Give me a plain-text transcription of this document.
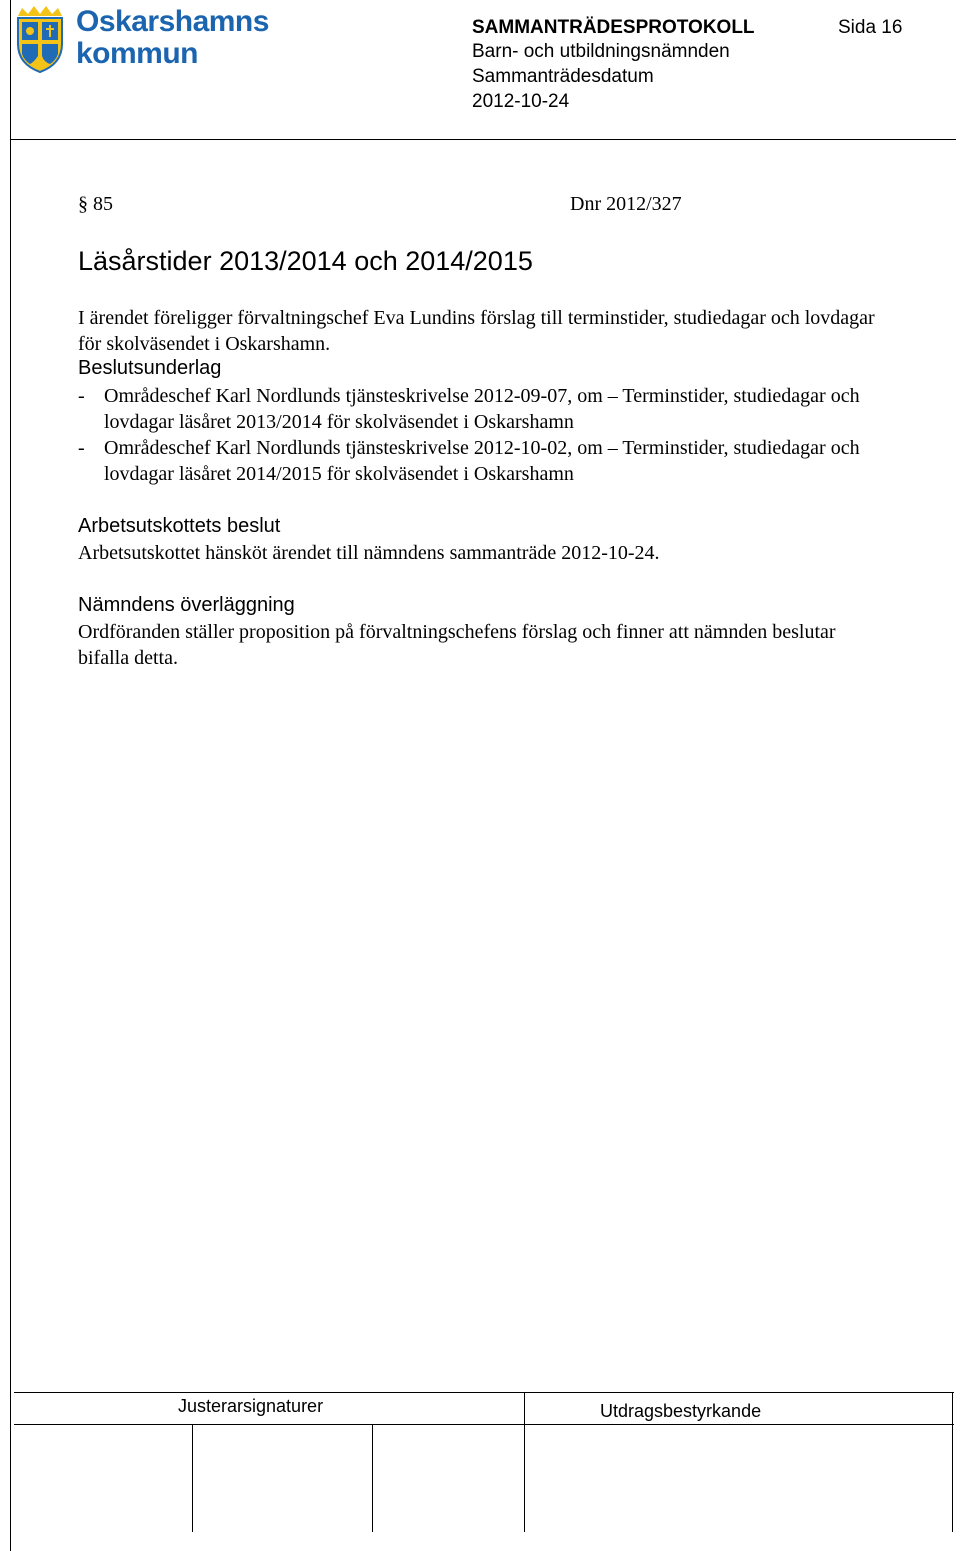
Oskarshamns
kommun
SAMMANTRÄDESPROTOKOLL	Sida 16
Barn- och utbildningsnämnden
Sammanträdesdatum
2012-10-24
§ 85	Dnr 2012/327
Läsårstider 2013/2014 och 2014/2015
I ärendet föreligger förvaltningschef Eva Lundins förslag till terminstider, studiedagar och lovdagar för skolväsendet i Oskarshamn.
Beslutsunderlag
- Områdeschef Karl Nordlunds tjänsteskrivelse 2012-09-07, om – Terminstider, studiedagar och lovdagar läsåret 2013/2014 för skolväsendet i Oskarshamn
- Områdeschef Karl Nordlunds tjänsteskrivelse 2012-10-02, om – Terminstider, studiedagar och lovdagar läsåret 2014/2015 för skolväsendet i Oskarshamn
Arbetsutskottets beslut
Arbetsutskottet hänsköt ärendet till nämndens sammanträde 2012-10-24.
Nämndens överläggning
Ordföranden ställer proposition på förvaltningschefens förslag och finner att nämnden beslutar bifalla detta.
Justerarsignaturer	Utdragsbestyrkande
